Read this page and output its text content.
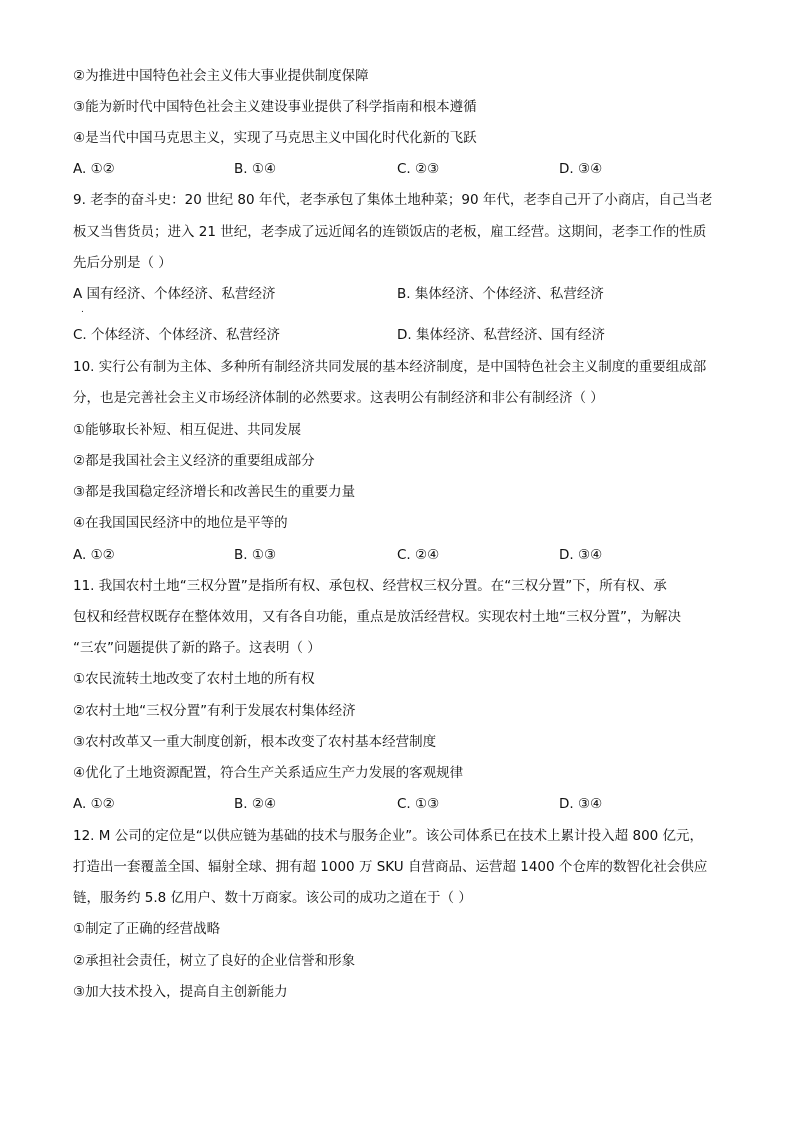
②为推进中国特色社会主义伟大事业提供制度保障
③能为新时代中国特色社会主义建设事业提供了科学指南和根本遵循
④是当代中国马克思主义，实现了马克思主义中国化时代化新的飞跃
A. ①②	B. ①④	C. ②③	D. ③④
9. 老李的奋斗史：20 世纪 80 年代，老李承包了集体土地种菜；90 年代，老李自己开了小商店，自己当老
板又当售货员；进入 21 世纪，老李成了远近闻名的连锁饭店的老板，雇工经营。这期间，老李工作的性质
先后分别是（ ）
A 国有经济、个体经济、私营经济	B. 集体经济、个体经济、私营经济
.
C. 个体经济、个体经济、私营经济	D. 集体经济、私营经济、国有经济
10. 实行公有制为主体、多种所有制经济共同发展的基本经济制度，是中国特色社会主义制度的重要组成部
分，也是完善社会主义市场经济体制的必然要求。这表明公有制经济和非公有制经济（ ）
①能够取长补短、相互促进、共同发展
②都是我国社会主义经济的重要组成部分
③都是我国稳定经济增长和改善民生的重要力量
④在我国国民经济中的地位是平等的
A. ①②	B. ①③	C. ②④	D. ③④
11. 我国农村土地“三权分置”是指所有权、承包权、经营权三权分置。在“三权分置”下，所有权、承
包权和经营权既存在整体效用，又有各自功能，重点是放活经营权。实现农村土地“三权分置”，为解决
“三农”问题提供了新的路子。这表明（ ）
①农民流转土地改变了农村土地的所有权
②农村土地“三权分置”有利于发展农村集体经济
③农村改革又一重大制度创新，根本改变了农村基本经营制度
④优化了土地资源配置，符合生产关系适应生产力发展的客观规律
A. ①②	B. ②④	C. ①③	D. ③④
12. M 公司的定位是“以供应链为基础的技术与服务企业”。该公司体系已在技术上累计投入超 800 亿元，
打造出一套覆盖全国、辐射全球、拥有超 1000 万 SKU 自营商品、运营超 1400 个仓库的数智化社会供应
链，服务约 5.8 亿用户、数十万商家。该公司的成功之道在于（ ）
①制定了正确的经营战略
②承担社会责任，树立了良好的企业信誉和形象
③加大技术投入，提高自主创新能力
